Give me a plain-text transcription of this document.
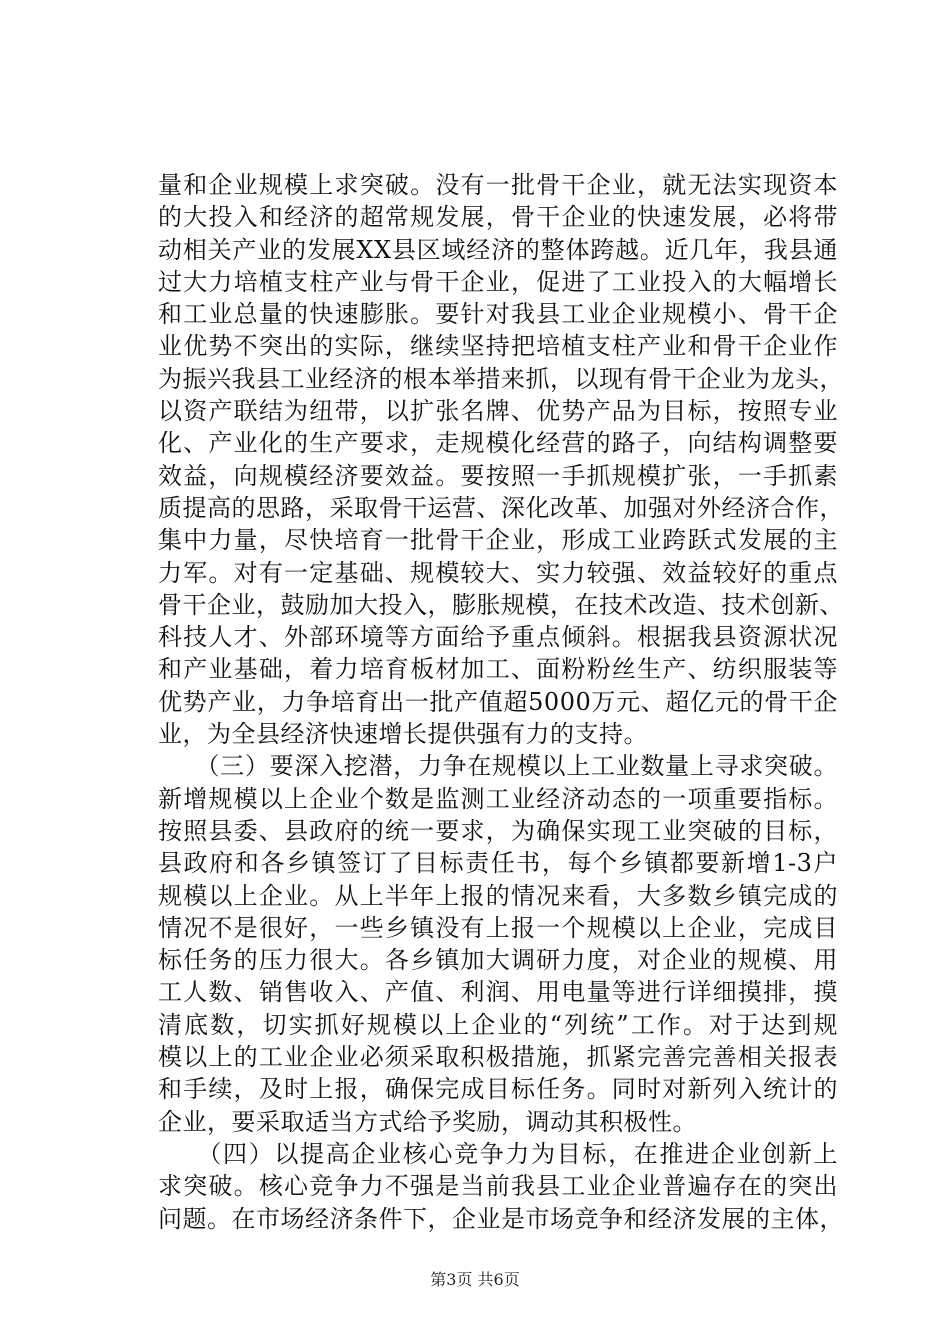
量和企业规模上求突破。没有一批骨干企业，就无法实现资本
的大投入和经济的超常规发展，骨干企业的快速发展，必将带
动相关产业的发展XX县区域经济的整体跨越。近几年，我县通
过大力培植支柱产业与骨干企业，促进了工业投入的大幅增长
和工业总量的快速膨胀。要针对我县工业企业规模小、骨干企
业优势不突出的实际，继续坚持把培植支柱产业和骨干企业作
为振兴我县工业经济的根本举措来抓，以现有骨干企业为龙头，
以资产联结为纽带，以扩张名牌、优势产品为目标，按照专业
化、产业化的生产要求，走规模化经营的路子，向结构调整要
效益，向规模经济要效益。要按照一手抓规模扩张，一手抓素
质提高的思路，采取骨干运营、深化改革、加强对外经济合作，
集中力量，尽快培育一批骨干企业，形成工业跨跃式发展的主
力军。对有一定基础、规模较大、实力较强、效益较好的重点
骨干企业，鼓励加大投入，膨胀规模，在技术改造、技术创新、
科技人才、外部环境等方面给予重点倾斜。根据我县资源状况
和产业基础，着力培育板材加工、面粉粉丝生产、纺织服装等
优势产业，力争培育出一批产值超5000万元、超亿元的骨干企
业，为全县经济快速增长提供强有力的支持。
　　（三）要深入挖潜，力争在规模以上工业数量上寻求突破。
新增规模以上企业个数是监测工业经济动态的一项重要指标。
按照县委、县政府的统一要求，为确保实现工业突破的目标，
县政府和各乡镇签订了目标责任书，每个乡镇都要新增1-3户
规模以上企业。从上半年上报的情况来看，大多数乡镇完成的
情况不是很好，一些乡镇没有上报一个规模以上企业，完成目
标任务的压力很大。各乡镇加大调研力度，对企业的规模、用
工人数、销售收入、产值、利润、用电量等进行详细摸排，摸
清底数，切实抓好规模以上企业的“列统”工作。对于达到规
模以上的工业企业必须采取积极措施，抓紧完善完善相关报表
和手续，及时上报，确保完成目标任务。同时对新列入统计的
企业，要采取适当方式给予奖励，调动其积极性。
　　（四）以提高企业核心竞争力为目标，在推进企业创新上
求突破。核心竞争力不强是当前我县工业企业普遍存在的突出
问题。在市场经济条件下，企业是市场竞争和经济发展的主体，
第3页 共6页
